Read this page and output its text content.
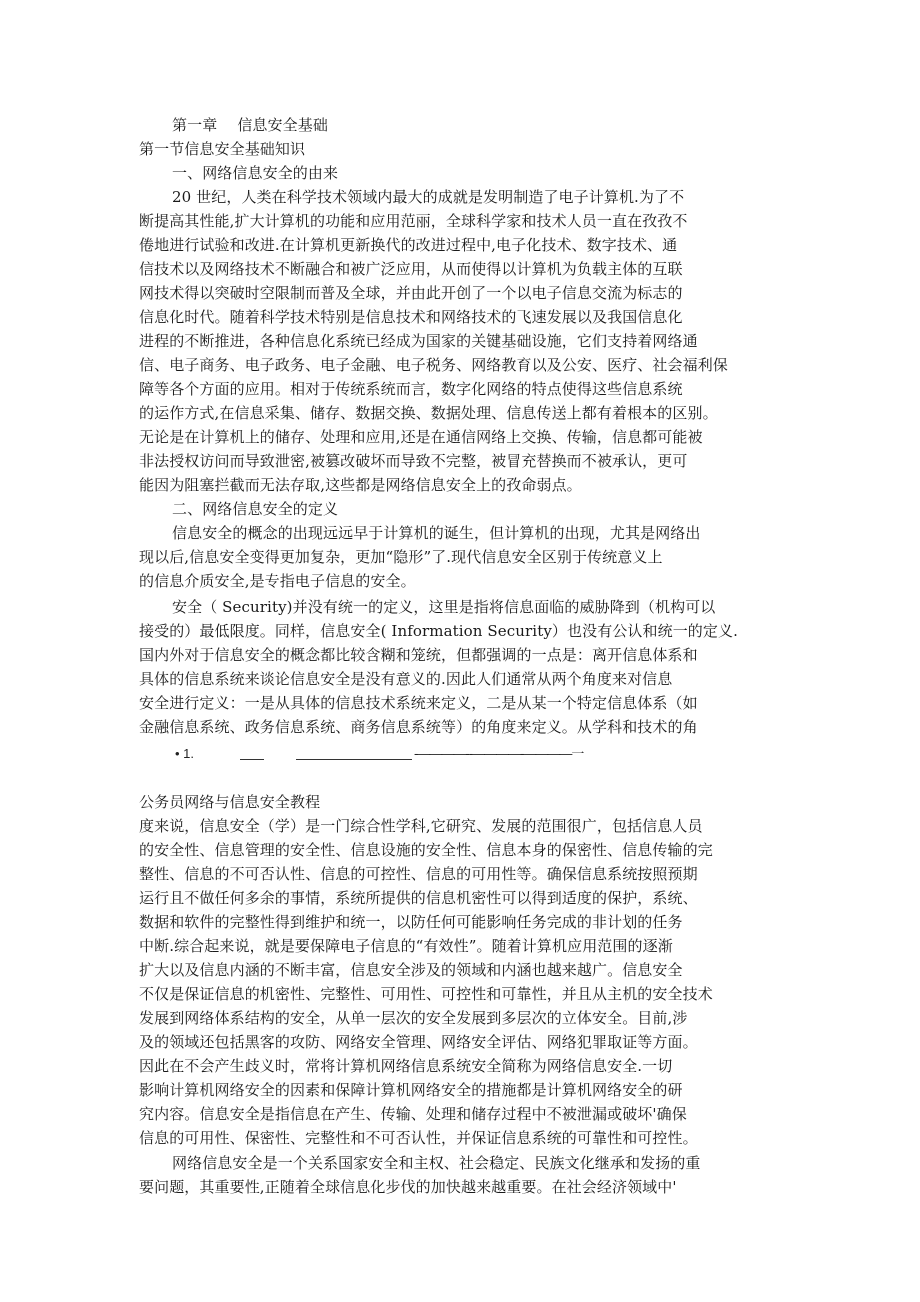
第一章 信息安全基础
第一节信息安全基础知识
一、网络信息安全的由来
20 世纪，人类在科学技术领域内最大的成就是发明制造了电子计算机.为了不
断提高其性能,扩大计算机的功能和应用范丽，全球科学家和技术人员一直在孜孜不
倦地进行试验和改进.在计算机更新换代的改进过程中,电子化技术、数字技术、通
信技术以及网络技术不断融合和被广泛应用，从而使得以计算机为负载主体的互联
网技术得以突破时空限制而普及全球，并由此开创了一个以电子信息交流为标志的
信息化时代。随着科学技术特别是信息技术和网络技术的飞速发展以及我国信息化
进程的不断推进，各种信息化系统已经成为国家的关键基础设施，它们支持着网络通
信、电子商务、电子政务、电子金融、电子税务、网络教育以及公安、医疗、社会福利保
障等各个方面的应用。相对于传统系统而言，数字化网络的特点使得这些信息系统
的运作方式,在信息采集、储存、数据交换、数据处理、信息传送上都有着根本的区别。
无论是在计算机上的储存、处理和应用,还是在通信网络上交换、传输，信息都可能被
非法授权访问而导致泄密,被篡改破坏而导致不完整，被冒充替换而不被承认，更可
能因为阻塞拦截而无法存取,这些都是网络信息安全上的孜命弱点。
二、网络信息安全的定义
信息安全的概念的出现远远早于计算机的诞生，但计算机的出现，尤其是网络出
现以后,信息安全变得更加复杂，更加“隐形”了.现代信息安全区别于传统意义上
的信息介质安全,是专指电子信息的安全。
安全（ Security)并没有统一的定义，这里是指将信息面临的威胁降到（机构可以
接受的）最低限度。同样，信息安全( Information Security）也没有公认和统一的定义.
国内外对于信息安全的概念都比较含糊和笼统，但都强调的一点是：离开信息体系和
具体的信息系统来谈论信息安全是没有意义的.因此人们通常从两个角度来对信息
安全进行定义：一是从具体的信息技术系统来定义，二是从某一个特定信息体系（如
金融信息系统、政务信息系统、商务信息系统等）的角度来定义。从学科和技术的角
• 1.	-————--————-————一
公务员网络与信息安全教程
度来说，信息安全（学）是一门综合性学科,它研究、发展的范围很广，包括信息人员
的安全性、信息管理的安全性、信息设施的安全性、信息本身的保密性、信息传输的完
整性、信息的不可否认性、信息的可控性、信息的可用性等。确保信息系统按照预期
运行且不做任何多余的事情，系统所提供的信息机密性可以得到适度的保护，系统、
数据和软件的完整性得到维护和统一，以防任何可能影响任务完成的非计划的任务
中断.综合起来说，就是要保障电子信息的“有效性”。随着计算机应用范围的逐渐
扩大以及信息内涵的不断丰富，信息安全涉及的领域和内涵也越来越广。信息安全
不仅是保证信息的机密性、完整性、可用性、可控性和可靠性，并且从主机的安全技术
发展到网络体系结构的安全，从单一层次的安全发展到多层次的立体安全。目前,涉
及的领域还包括黑客的攻防、网络安全管理、网络安全评估、网络犯罪取证等方面。
因此在不会产生歧义时，常将计算机网络信息系统安全简称为网络信息安全.一切
影响计算机网络安全的因素和保障计算机网络安全的措施都是计算机网络安全的研
究内容。信息安全是指信息在产生、传输、处理和储存过程中不被泄漏或破坏'确保
信息的可用性、保密性、完整性和不可否认性，并保证信息系统的可靠性和可控性。
网络信息安全是一个关系国家安全和主权、社会稳定、民族文化继承和发扬的重
要问题，其重要性,正随着全球信息化步伐的加快越来越重要。在社会经济领域中'
